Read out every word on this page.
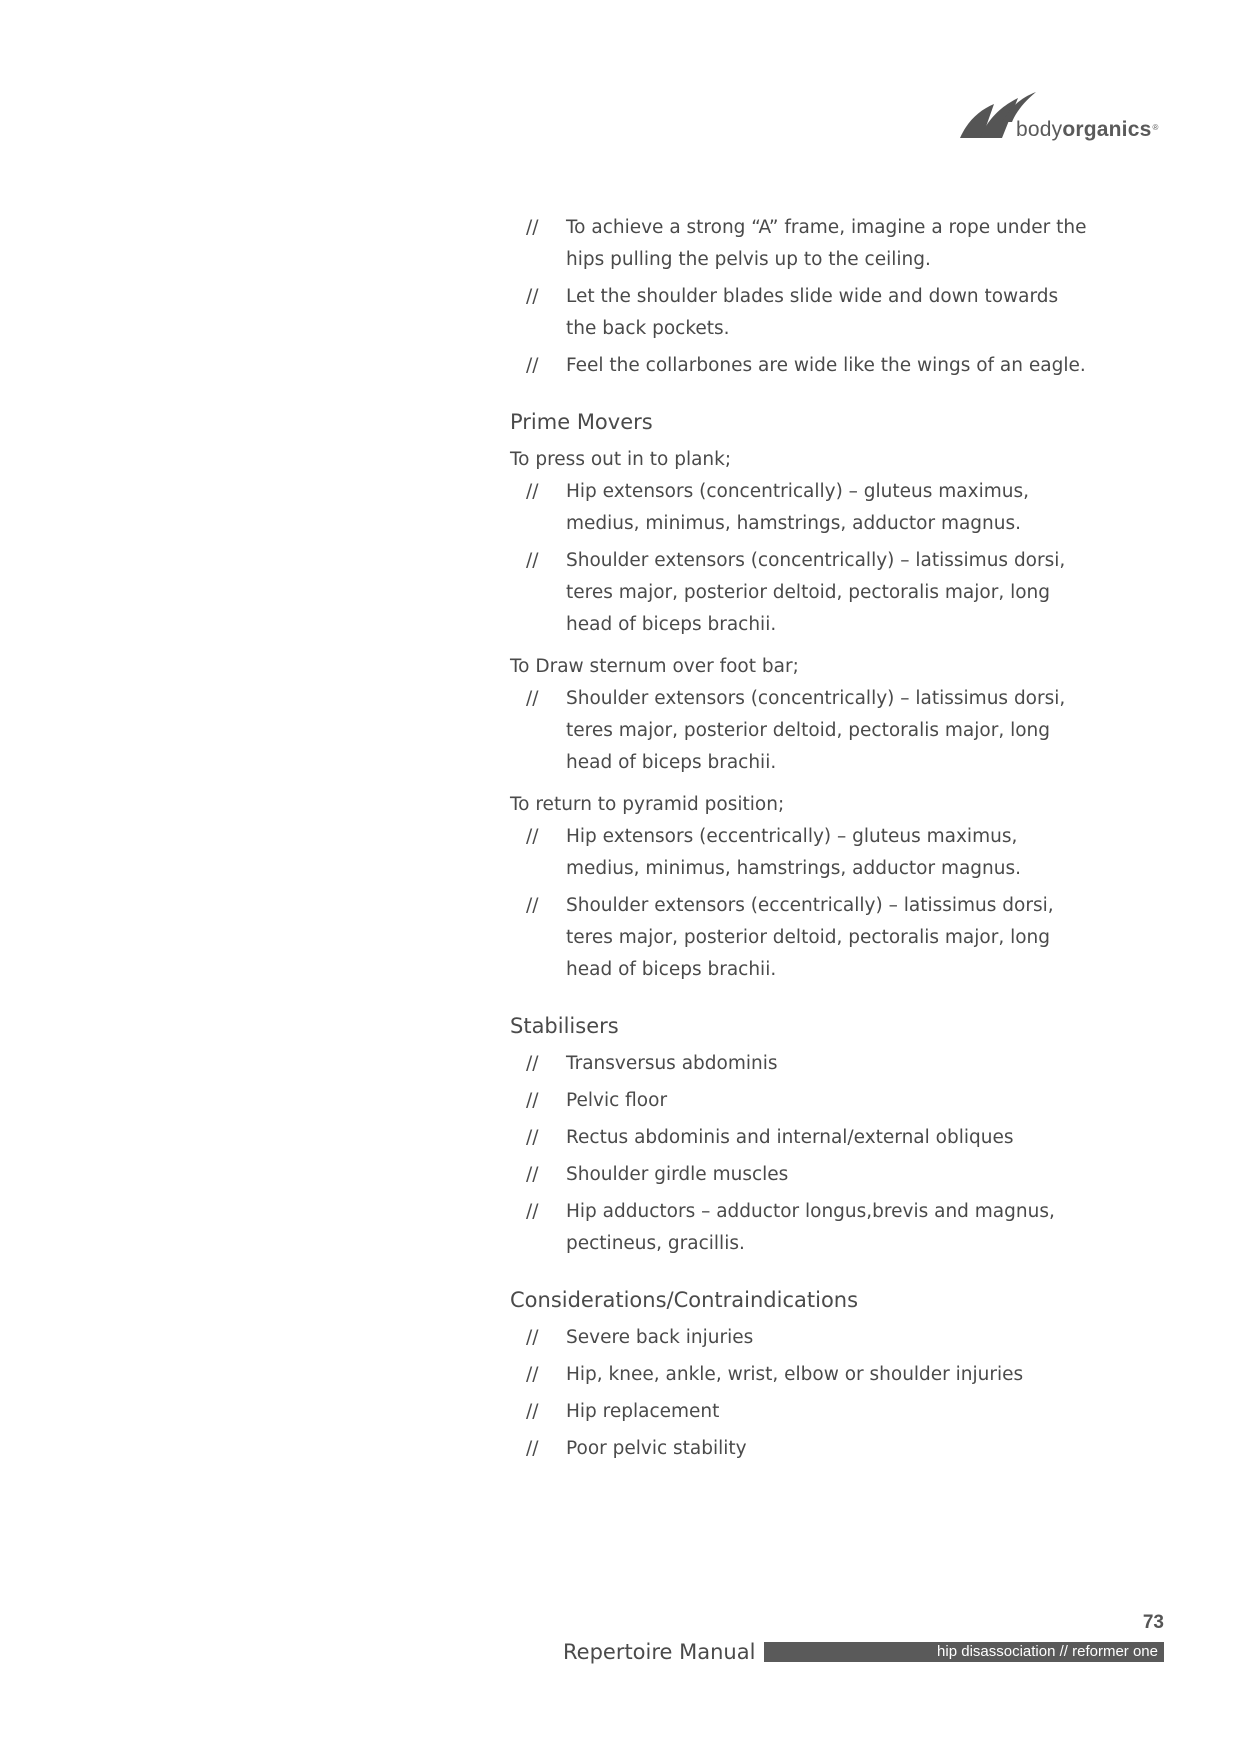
bodyorganics®
// To achieve a strong “A” frame, imagine a rope under the hips pulling the pelvis up to the ceiling.
// Let the shoulder blades slide wide and down towards the back pockets.
// Feel the collarbones are wide like the wings of an eagle.
Prime Movers
To press out in to plank;
// Hip extensors (concentrically) – gluteus maximus, medius, minimus, hamstrings, adductor magnus.
// Shoulder extensors (concentrically) – latissimus dorsi, teres major, posterior deltoid, pectoralis major, long head of biceps brachii.
To Draw sternum over foot bar;
// Shoulder extensors (concentrically) – latissimus dorsi, teres major, posterior deltoid, pectoralis major, long head of biceps brachii.
To return to pyramid position;
// Hip extensors (eccentrically) – gluteus maximus, medius, minimus, hamstrings, adductor magnus.
// Shoulder extensors (eccentrically) – latissimus dorsi, teres major, posterior deltoid, pectoralis major, long head of biceps brachii.
Stabilisers
// Transversus abdominis
// Pelvic floor
// Rectus abdominis and internal/external obliques
// Shoulder girdle muscles
// Hip adductors – adductor longus,brevis and magnus, pectineus, gracillis.
Considerations/Contraindications
// Severe back injuries
// Hip, knee, ankle, wrist, elbow or shoulder injuries
// Hip replacement
// Poor pelvic stability
73
Repertoire Manual	hip disassociation // reformer one
